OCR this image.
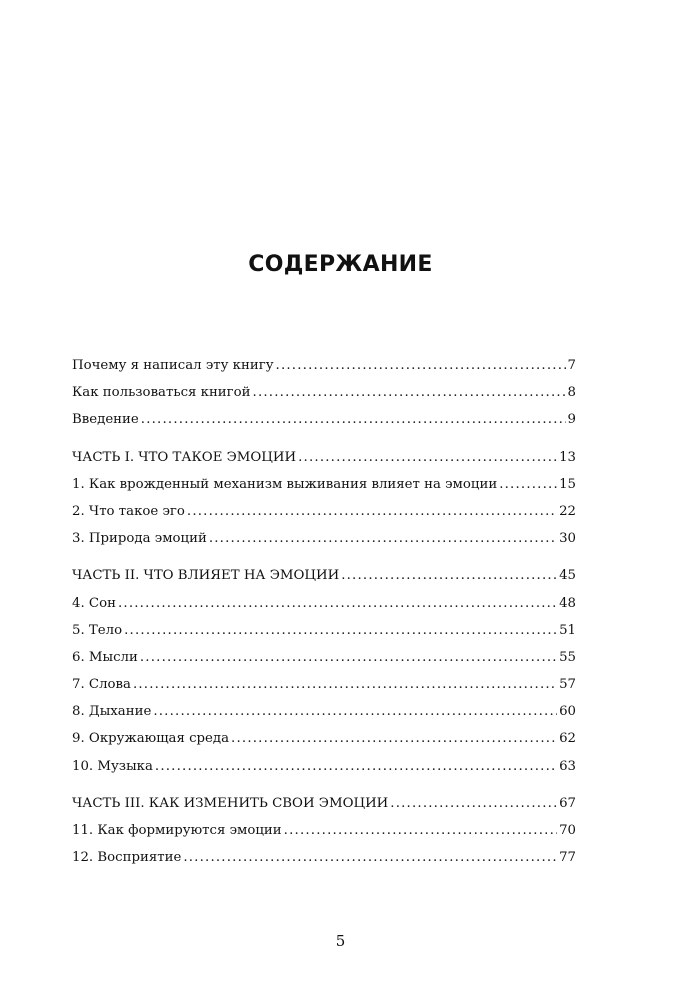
СОДЕРЖАНИЕ
Почему я написал эту книгу .....	7
Как пользоваться книгой .....	8
Введение .....	9
ЧАСТЬ I. ЧТО ТАКОЕ ЭМОЦИИ .....	13
1. Как врожденный механизм выживания влияет на эмоции .....	15
2. Что такое эго .....	22
3. Природа эмоций .....	30
ЧАСТЬ II. ЧТО ВЛИЯЕТ НА ЭМОЦИИ .....	45
4. Сон .....	48
5. Тело .....	51
6. Мысли .....	55
7. Слова .....	57
8. Дыхание .....	60
9. Окружающая среда .....	62
10. Музыка .....	63
ЧАСТЬ III. КАК ИЗМЕНИТЬ СВОИ ЭМОЦИИ .....	67
11. Как формируются эмоции .....	70
12. Восприятие .....	77
5
